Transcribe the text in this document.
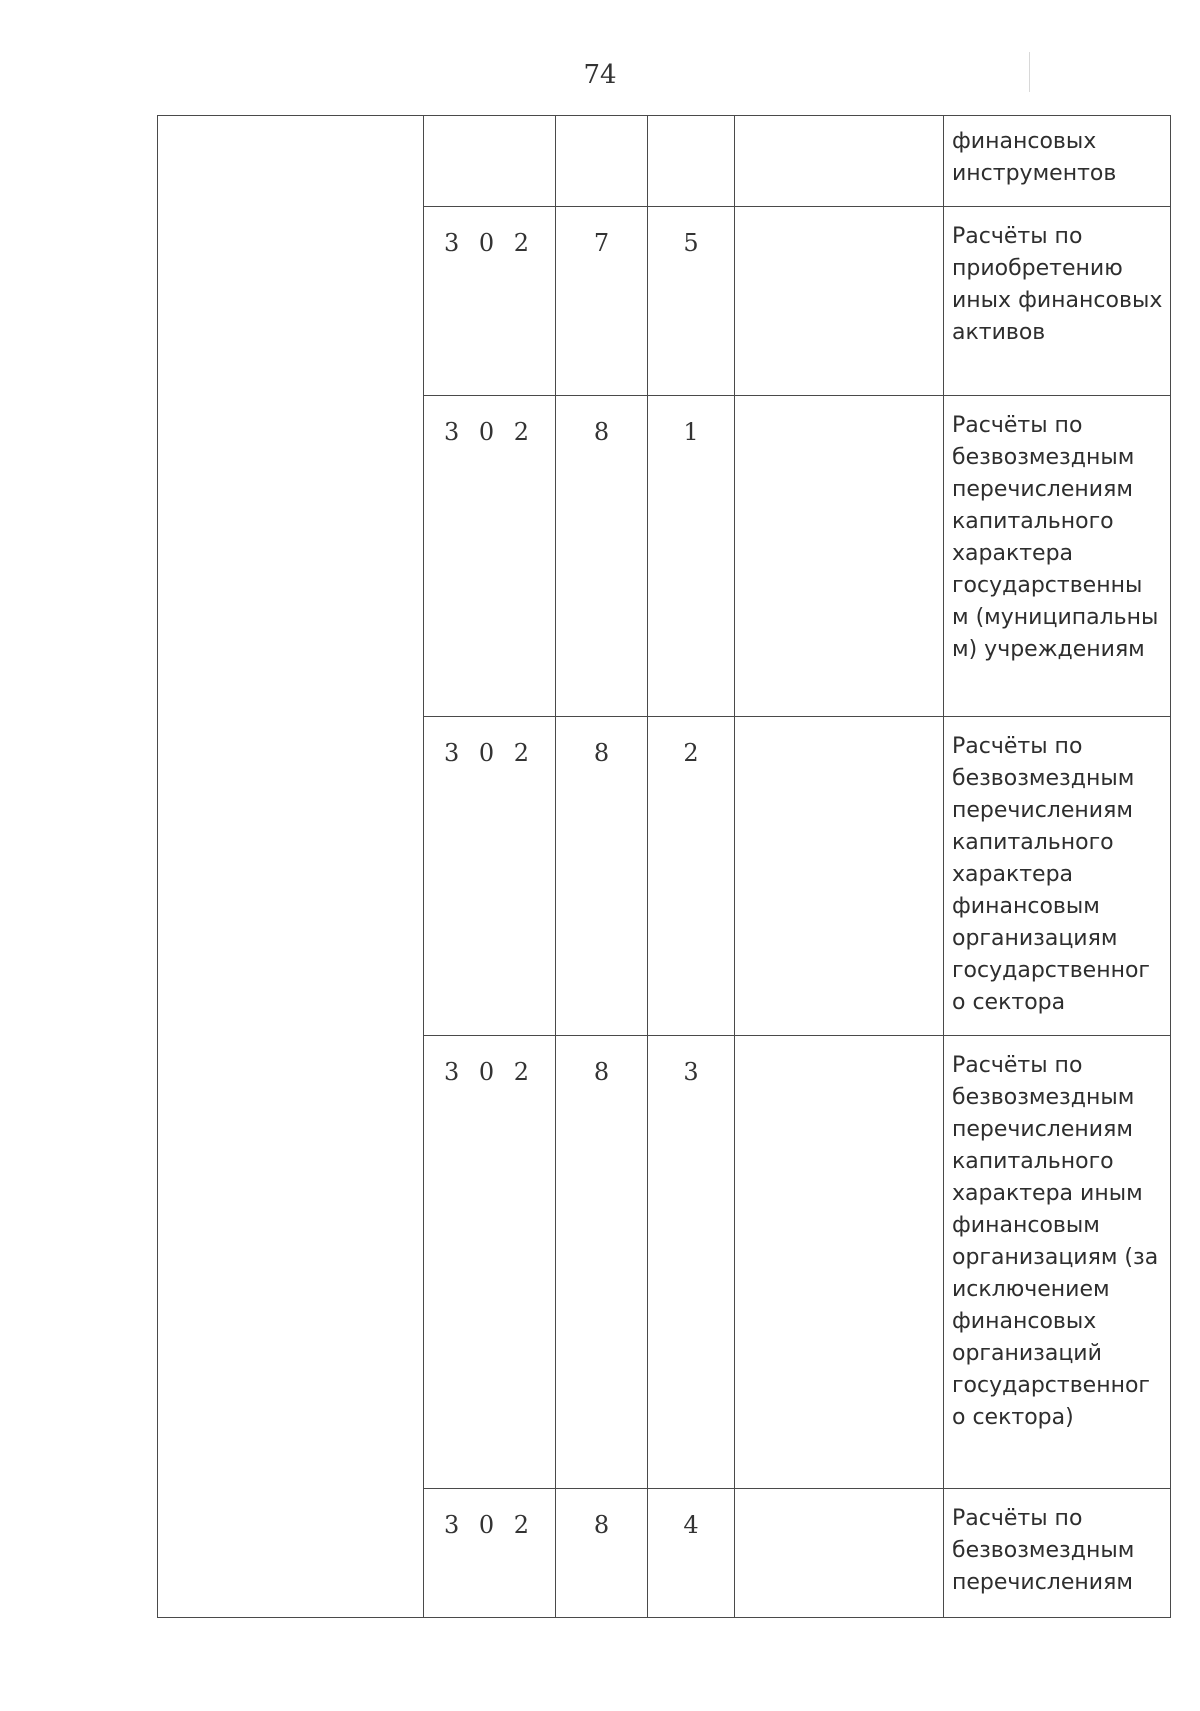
74

					финансовых инструментов

	3 0 2	7	5		Расчёты по приобретению иных финансовых активов

	3 0 2	8	1		Расчёты по безвозмездным перечислениям капитального характера государственны м (муниципальны м) учреждениям

	3 0 2	8	2		Расчёты по безвозмездным перечислениям капитального характера финансовым организациям государственног о сектора

	3 0 2	8	3		Расчёты по безвозмездным перечислениям капитального характера иным финансовым организациям (за исключением финансовых организаций государственног о сектора)

	3 0 2	8	4		Расчёты по безвозмездным перечислениям
